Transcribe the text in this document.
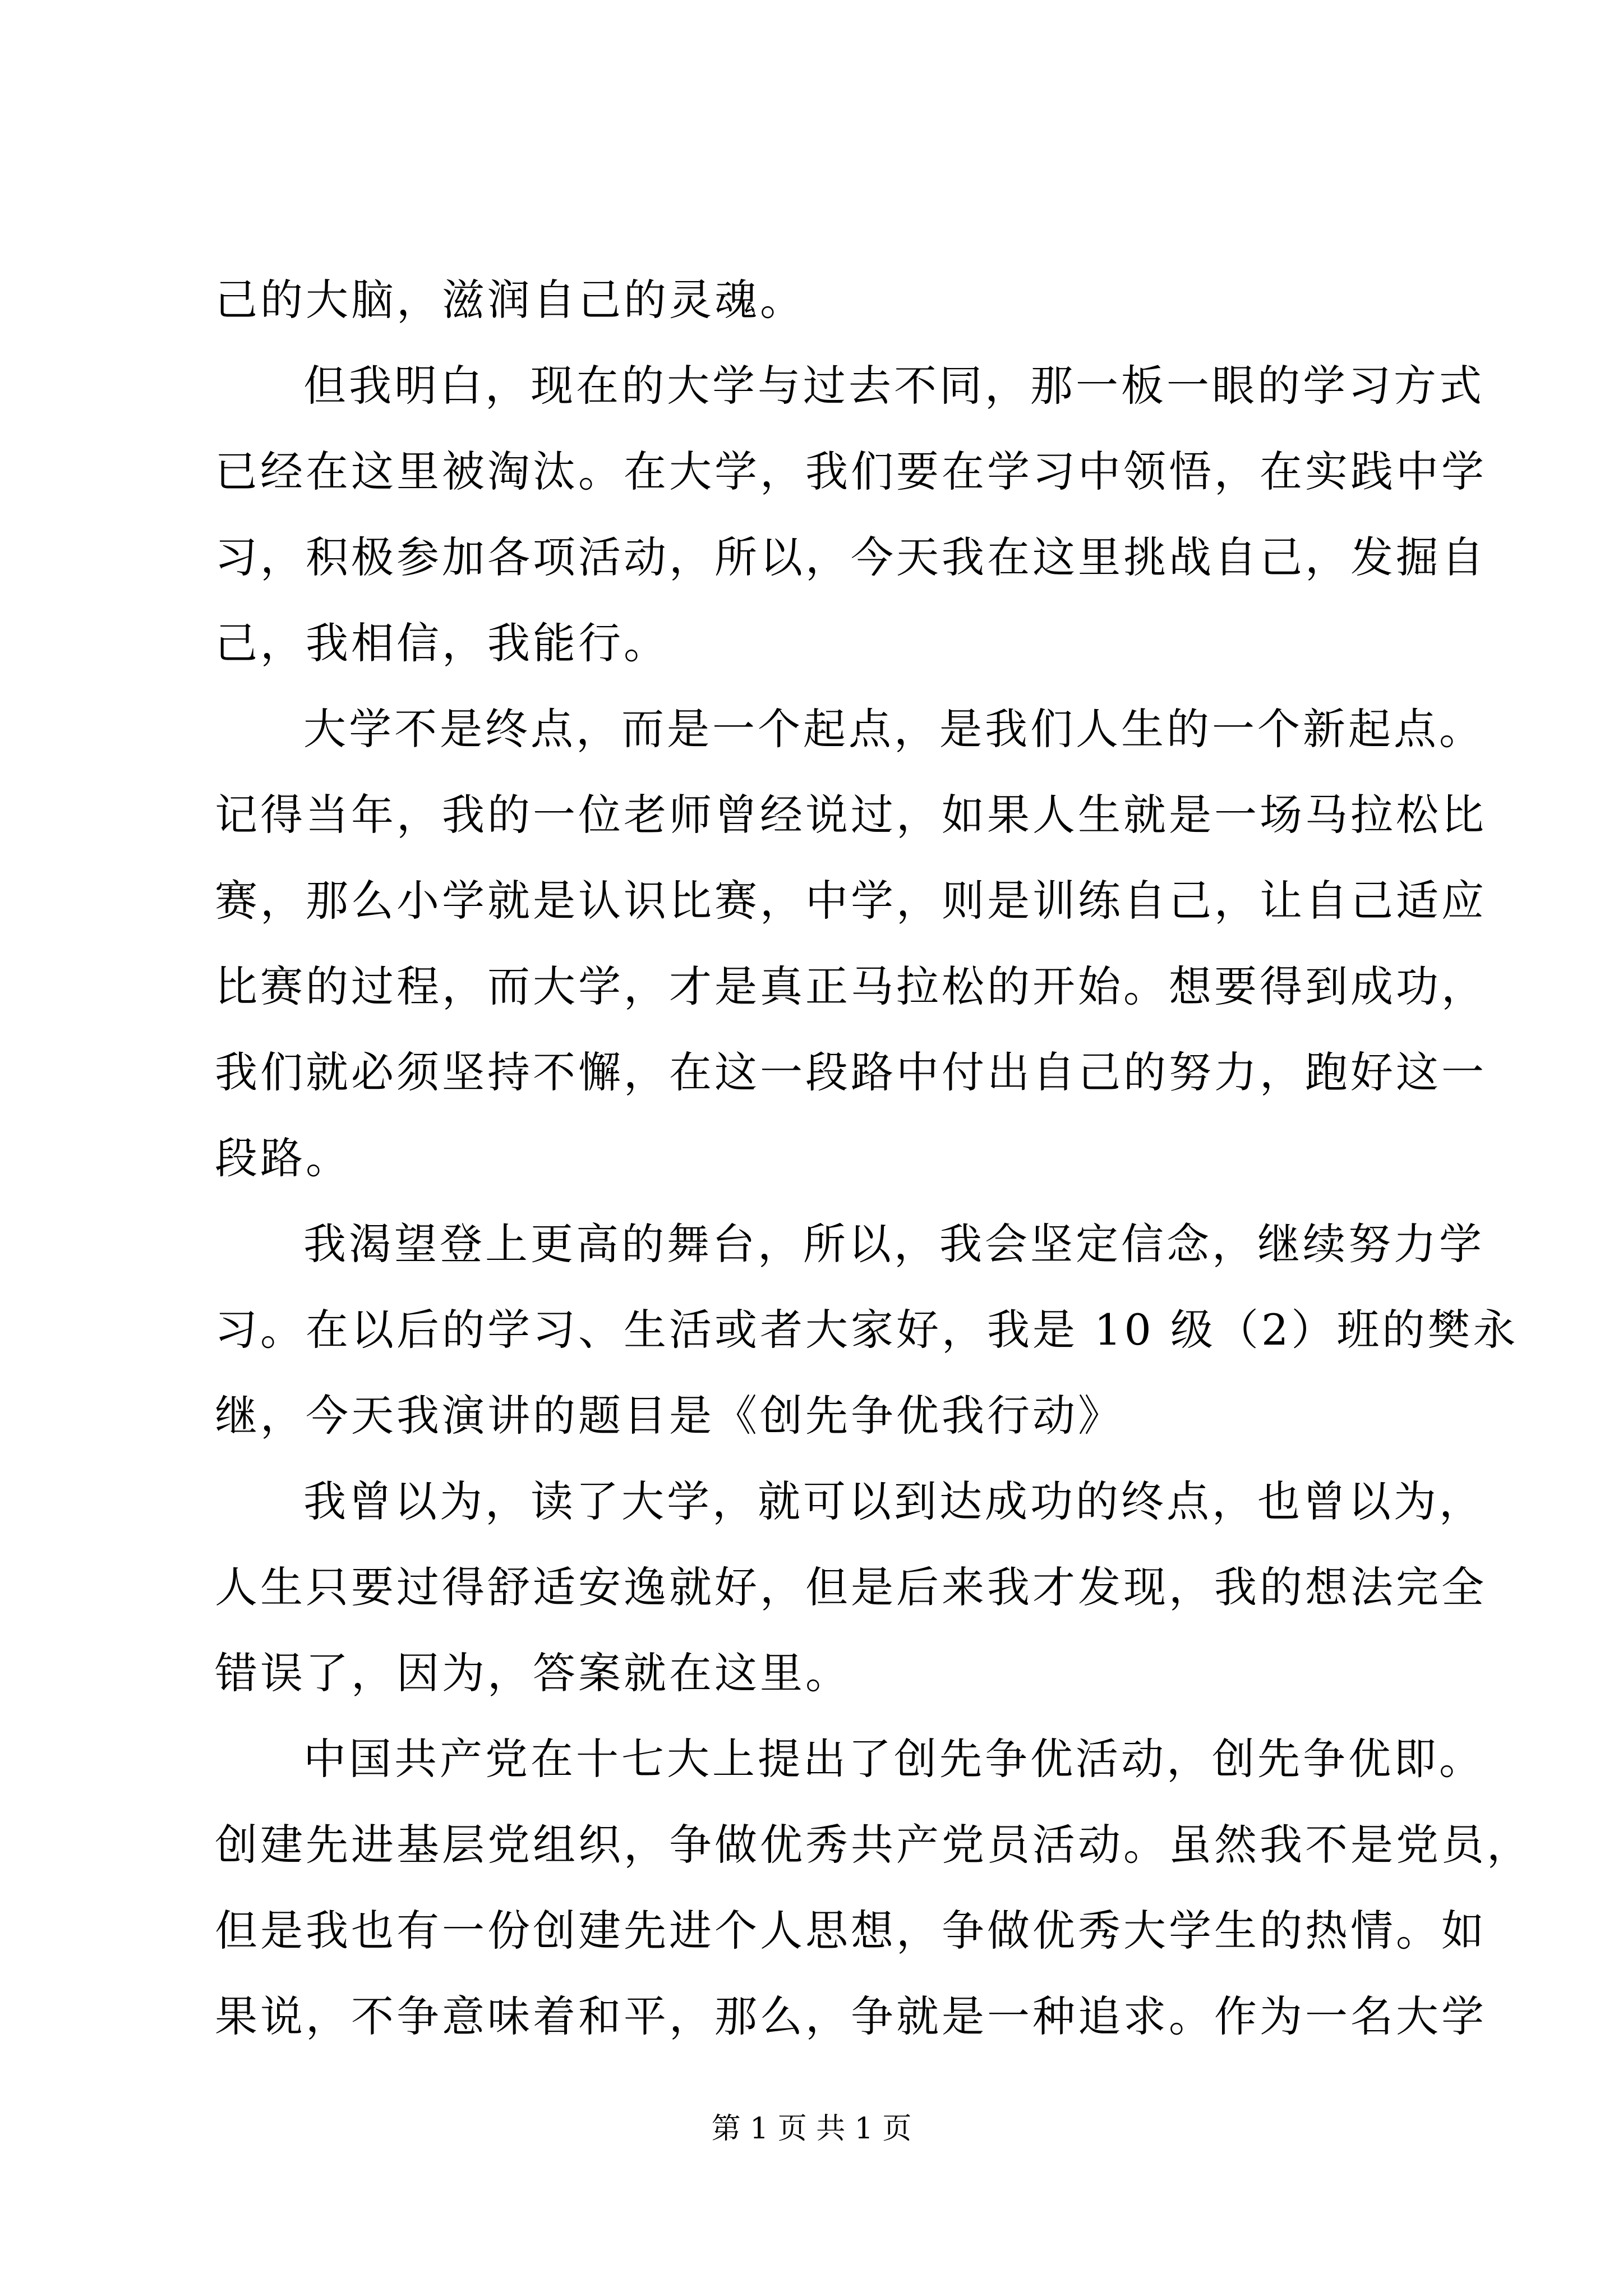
己的大脑，滋润自己的灵魂。
但我明白，现在的大学与过去不同，那一板一眼的学习方式
已经在这里被淘汰。在大学，我们要在学习中领悟，在实践中学
习，积极参加各项活动，所以，今天我在这里挑战自己，发掘自
己，我相信，我能行。
大学不是终点，而是一个起点，是我们人生的一个新起点。
记得当年，我的一位老师曾经说过，如果人生就是一场马拉松比
赛，那么小学就是认识比赛，中学，则是训练自己，让自己适应
比赛的过程，而大学，才是真正马拉松的开始。想要得到成功，
我们就必须坚持不懈，在这一段路中付出自己的努力，跑好这一
段路。
我渴望登上更高的舞台，所以，我会坚定信念，继续努力学
习。在以后的学习、生活或者大家好，我是 10 级（2）班的樊永
继，今天我演讲的题目是《创先争优我行动》
我曾以为，读了大学，就可以到达成功的终点，也曾以为，
人生只要过得舒适安逸就好，但是后来我才发现，我的想法完全
错误了，因为，答案就在这里。
中国共产党在十七大上提出了创先争优活动，创先争优即。
创建先进基层党组织，争做优秀共产党员活动。虽然我不是党员，
但是我也有一份创建先进个人思想，争做优秀大学生的热情。如
果说，不争意味着和平，那么，争就是一种追求。作为一名大学
第 1 页 共 1 页
